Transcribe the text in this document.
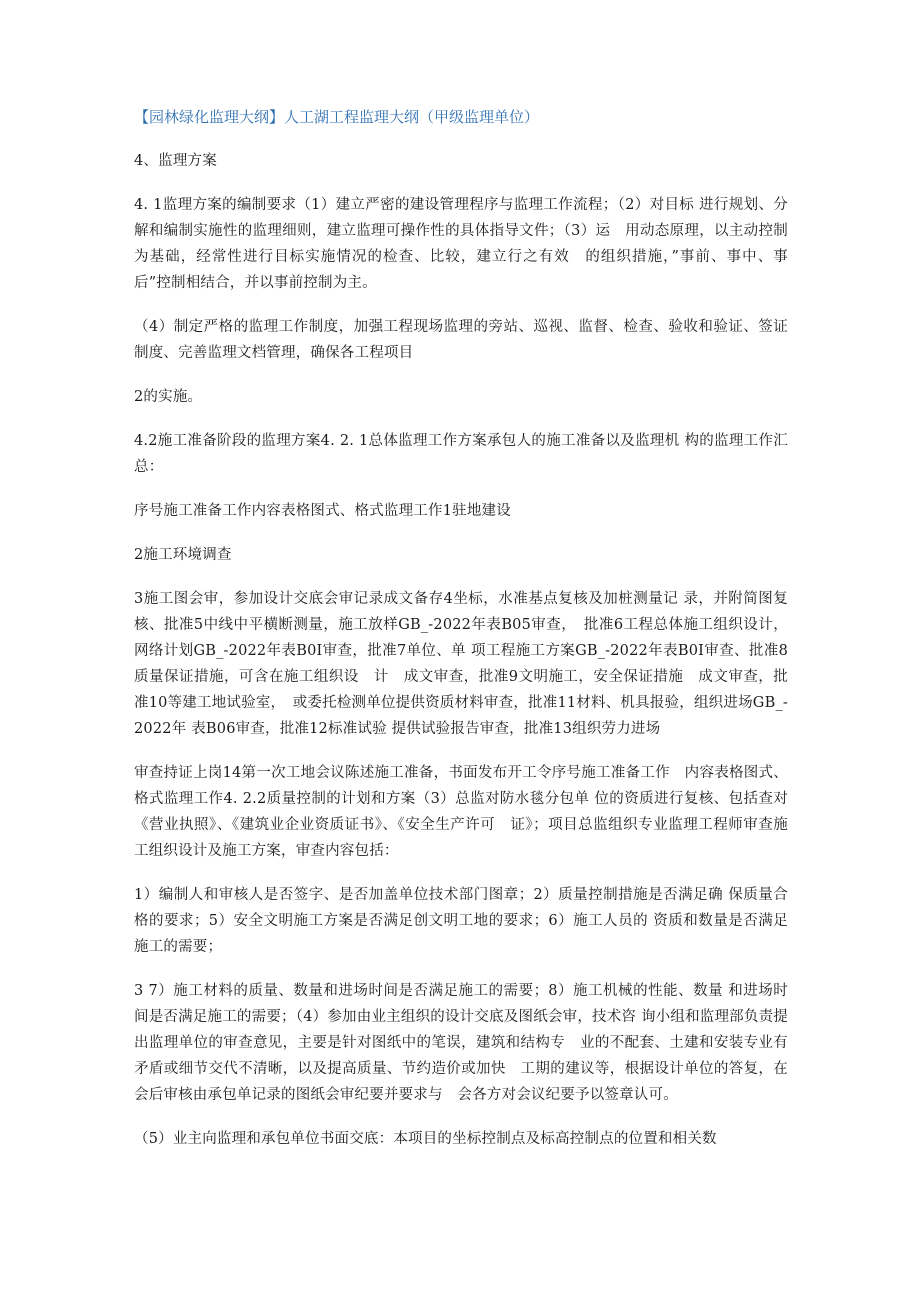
【园林绿化监理大纲】人工湖工程监理大纲（甲级监理单位）

4、监理方案

4. 1监理方案的编制要求（1）建立严密的建设管理程序与监理工作流程；（2）对目标 进行规划、分解和编制实施性的监理细则，建立监理可操作性的具体指导文件；（3）运　用动态原理，以主动控制为基础，经常性进行目标实施情况的检查、比较，建立行之有效　的组织措施，”事前、事中、事后”控制相结合，并以事前控制为主。

（4）制定严格的监理工作制度，加强工程现场监理的旁站、巡视、监督、检查、验收和验证、签证制度、完善监理文档管理，确保各工程项目

2的实施。

4.2施工准备阶段的监理方案4. 2. 1总体监理工作方案承包人的施工准备以及监理机 构的监理工作汇总：

序号施工准备工作内容表格图式、格式监理工作1驻地建设

2施工环境调查

3施工图会审，参加设计交底会审记录成文备存4坐标，水准基点复核及加桩测量记 录，并附简图复核、批准5中线中平横断测量，施工放样GB_-2022年表B05审查，　批准6工程总体施工组织设计，网络计划GB_-2022年表B0I审查，批准7单位、单 项工程施工方案GB_-2022年表B0I审查、批准8质量保证措施，可含在施工组织设　计　成文审查，批准9文明施工，安全保证措施　成文审查，批准10等建工地试验室，　或委托检测单位提供资质材料审查，批准11材料、机具报验，组织进场GB_-2022年 表B06审查，批准12标准试验 提供试验报告审查，批准13组织劳力进场

审查持证上岗14第一次工地会议陈述施工准备，书面发布开工令序号施工准备工作　内容表格图式、格式监理工作4. 2.2质量控制的计划和方案（3）总监对防水毯分包单 位的资质进行复核、包括查对《营业执照》、《建筑业企业资质证书》、《安全生产许可　证》；项目总监组织专业监理工程师审查施工组织设计及施工方案，审查内容包括：

1）编制人和审核人是否签字、是否加盖单位技术部门图章；2）质量控制措施是否满足确 保质量合格的要求；5）安全文明施工方案是否满足创文明工地的要求；6）施工人员的 资质和数量是否满足施工的需要；

3 7）施工材料的质量、数量和进场时间是否满足施工的需要；8）施工机械的性能、数量 和进场时间是否满足施工的需要；（4）参加由业主组织的设计交底及图纸会审，技术咨 询小组和监理部负责提出监理单位的审查意见，主要是针对图纸中的笔误，建筑和结构专　业的不配套、土建和安装专业有矛盾或细节交代不清晰，以及提高质量、节约造价或加快　工期的建议等，根据设计单位的答复，在会后审核由承包单记录的图纸会审纪要并要求与　会各方对会议纪要予以签章认可。

（5）业主向监理和承包单位书面交底：本项目的坐标控制点及标高控制点的位置和相关数
